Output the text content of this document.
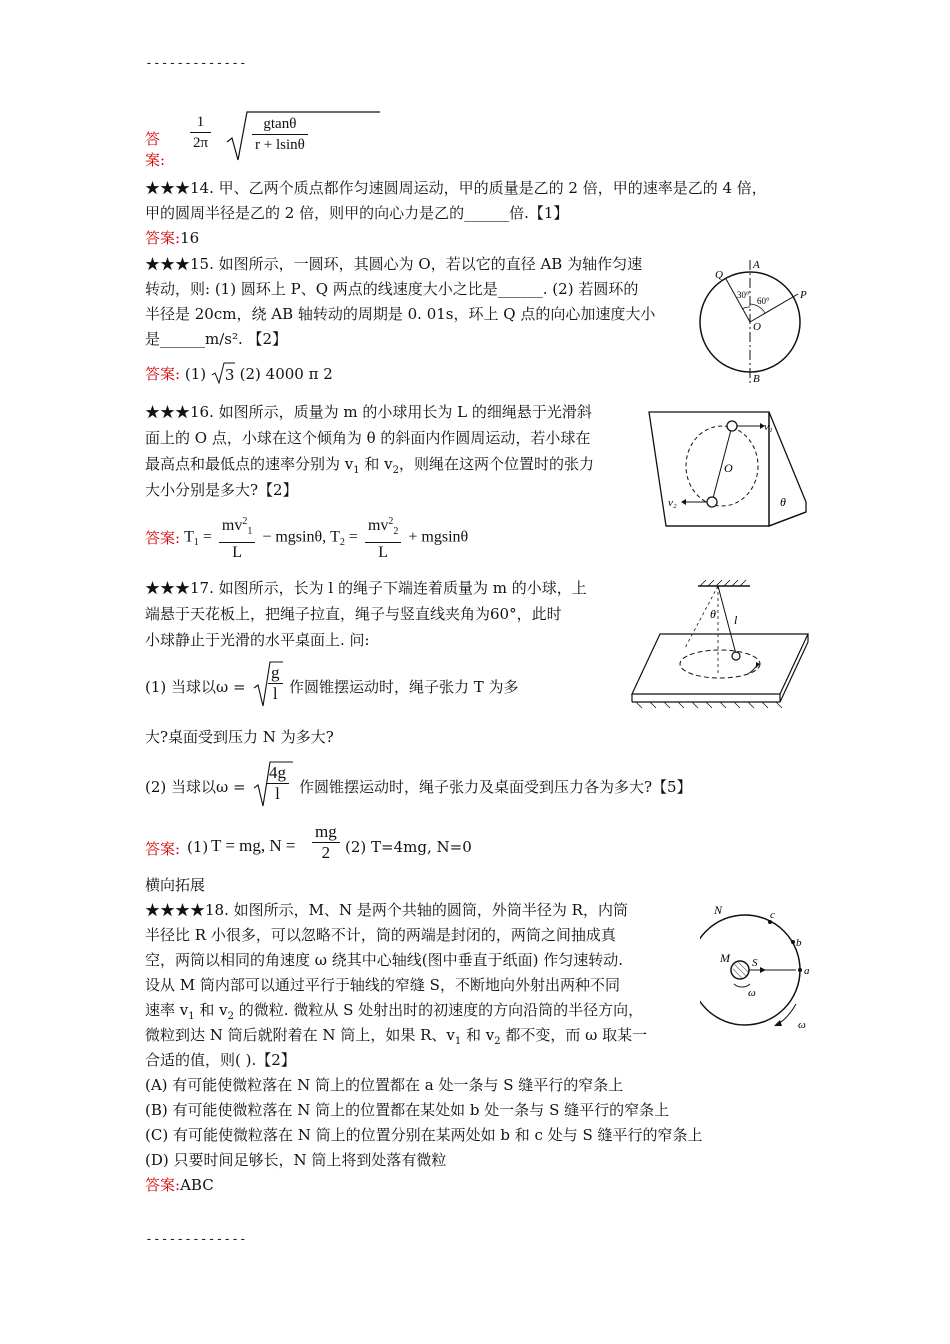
-------------
答案:
$\frac{1}{2\pi}$	$\frac{gtan\theta}{r + lsin\theta}$
★★★14. 甲、乙两个质点都作匀速圆周运动，甲的质量是乙的 2 倍，甲的速率是乙的 4 倍，
甲的圆周半径是乙的 2 倍，则甲的向心力是乙的______倍.【1】
答案:16
★★★15. 如图所示，一圆环，其圆心为 O，若以它的直径 AB 为轴作匀速
转动，则: (1) 圆环上 P、Q 两点的线速度大小之比是______. (2) 若圆环的
半径是 20cm，绕 AB 轴转动的周期是 0. 01s，环上 Q 点的向心加速度大小
是______m/s². 【2】
答案: (1) 3 (2) 4000 π 2
A
B
O
P
Q
30°
60°
★★★16. 如图所示，质量为 m 的小球用长为 L 的细绳悬于光滑斜
面上的 O 点，小球在这个倾角为 θ 的斜面内作圆周运动，若小球在
最高点和最低点的速率分别为 $v_1$ 和 $v_2$，则绳在这两个位置时的张力
大小分别是多大?【2】
答案: $T_1 = \frac{mv^2_1}{L} - mgsin\theta$, $T_2 = \frac{mv^2_2}{L} + mgsin\theta$
v₁
v₂
O
θ
★★★17. 如图所示，长为 l 的绳子下端连着质量为 m 的小球，上
端悬于天花板上，把绳子拉直，绳子与竖直线夹角为60°，此时
小球静止于光滑的水平桌面上. 问:
(1) 当球以$\omega = \frac{g}{l}$ 作圆锥摆运动时，绳子张力 T 为多
大?桌面受到压力 N 为多大?
(2) 当球以$\omega = \frac{4g}{l}$ 作圆锥摆运动时，绳子张力及桌面受到压力各为多大?【5】
答案: (1) T = mg, $N = \frac{mg}{2} (2)$ T=4mg, N=0
θ l
横向拓展
★★★★18. 如图所示，M、N 是两个共轴的圆筒，外筒半径为 R，内筒
半径比 R 小很多，可以忽略不计，筒的两端是封闭的，两筒之间抽成真
空，两筒以相同的角速度 ω 绕其中心轴线(图中垂直于纸面) 作匀速转动.
设从 M 筒内部可以通过平行于轴线的窄缝 S，不断地向外射出两种不同
速率 $v_1$ 和 $v_2$ 的微粒. 微粒从 S 处射出时的初速度的方向沿筒的半径方向，
微粒到达 N 筒后就附着在 N 筒上，如果 R、$v_1$ 和 $v_2$ 都不变，而 ω 取某一
合适的值，则( ).【2】
(A) 有可能使微粒落在 N 筒上的位置都在 a 处一条与 S 缝平行的窄条上
(B) 有可能使微粒落在 N 筒上的位置都在某处如 b 处一条与 S 缝平行的窄条上
(C) 有可能使微粒落在 N 筒上的位置分别在某两处如 b 和 c 处与 S 缝平行的窄条上
(D) 只要时间足够长，N 筒上将到处落有微粒
答案:ABC
N
M S
a
b
c
ω
ω
-------------
